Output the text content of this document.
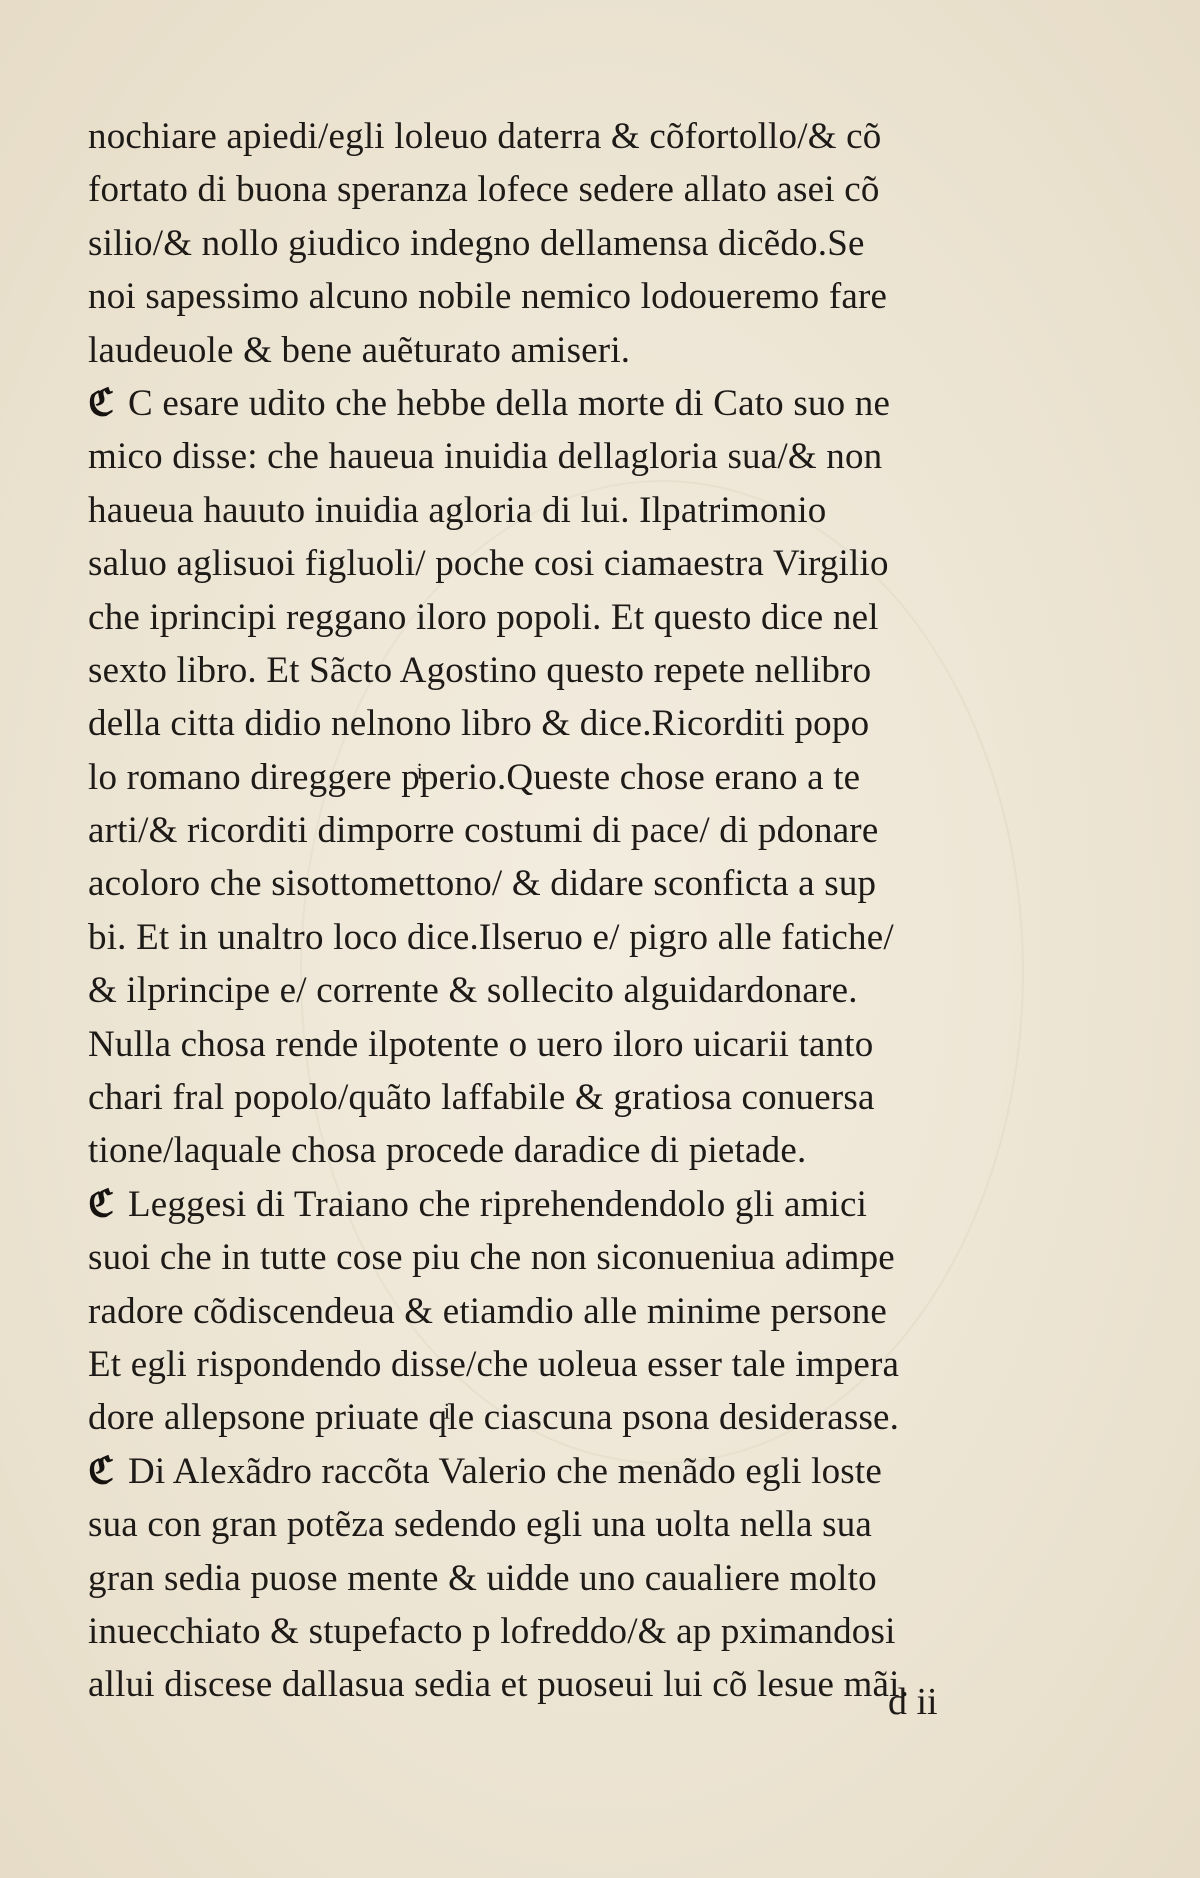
nochiare apiedi/egli loleuo daterra & cõfortollo/& cõ
fortato di buona speranza lofece sedere allato asei cõ
silio/& nollo giudico indegno dellamensa dicẽdo.Se
noi sapessimo alcuno nobile nemico lodoueremo fare
laudeuole & bene auẽturato amiseri.
ℭ C esare udito che hebbe della morte di Cato suo ne
mico disse: che haueua inuidia dellagloria sua/& non
haueua hauuto inuidia agloria di lui. Ilpatrimonio
saluo aglisuoi figluoli/ poche cosi ciamaestra Virgilio
che iprincipi reggano iloro popoli. Et questo dice nel
sexto libro. Et Sãcto Agostino questo repete nellibro
della citta didio nelnono libro & dice.Ricorditi popo
lo romano direggere pͥperio.Queste chose erano a te
arti/& ricorditi dimporre costumi di pace/ di pdonare
acoloro che sisottomettono/ & didare sconficta a sup
bi. Et in unaltro loco dice.Ilseruo e/ pigro alle fatiche/
& ilprincipe e/ corrente & sollecito alguidardonare.
Nulla chosa rende ilpotente o uero iloro uicarii tanto
chari fral popolo/quãto laffabile & gratiosa conuersa
tione/laquale chosa procede daradice di pietade.
ℭ Leggesi di Traiano che riprehendendolo gli amici
suoi che in tutte cose piu che non siconueniua adimpe
radore cõdiscendeua & etiamdio alle minime persone
Et egli rispondendo disse/che uoleua esser tale impera
dore allepsone priuate qͥle ciascuna psona desiderasse.
ℭ Di Alexãdro raccõta Valerio che menãdo egli loste
sua con gran potẽza sedendo egli una uolta nella sua
gran sedia puose mente & uidde uno caualiere molto
inuecchiato & stupefacto p lofreddo/& ap pximandosi
allui discese dallasua sedia et puoseui lui cõ lesue mãi.
d ii
